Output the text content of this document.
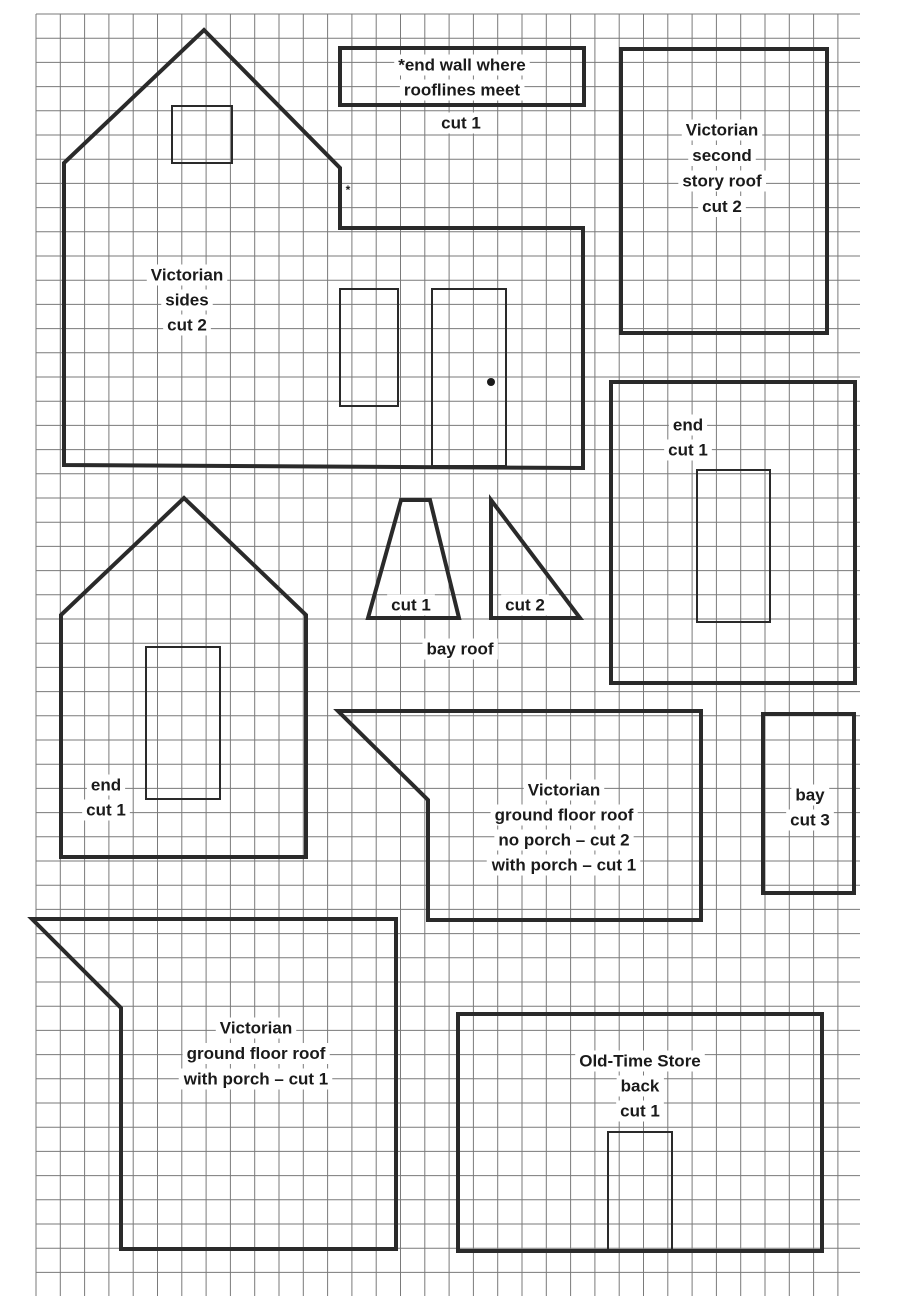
*
Victorian
sides
cut 2
*end wall where
rooflines meet
cut 1	Victorian
second
story roof
cut 2
end
cut 1
cut 1	cut 2
bay roof
end
cut 1
Victorian
ground floor roof
no porch – cut 2
with porch – cut 1
bay
cut 3
Victorian
ground floor roof
with porch – cut 1
Old-Time Store
back
cut 1
